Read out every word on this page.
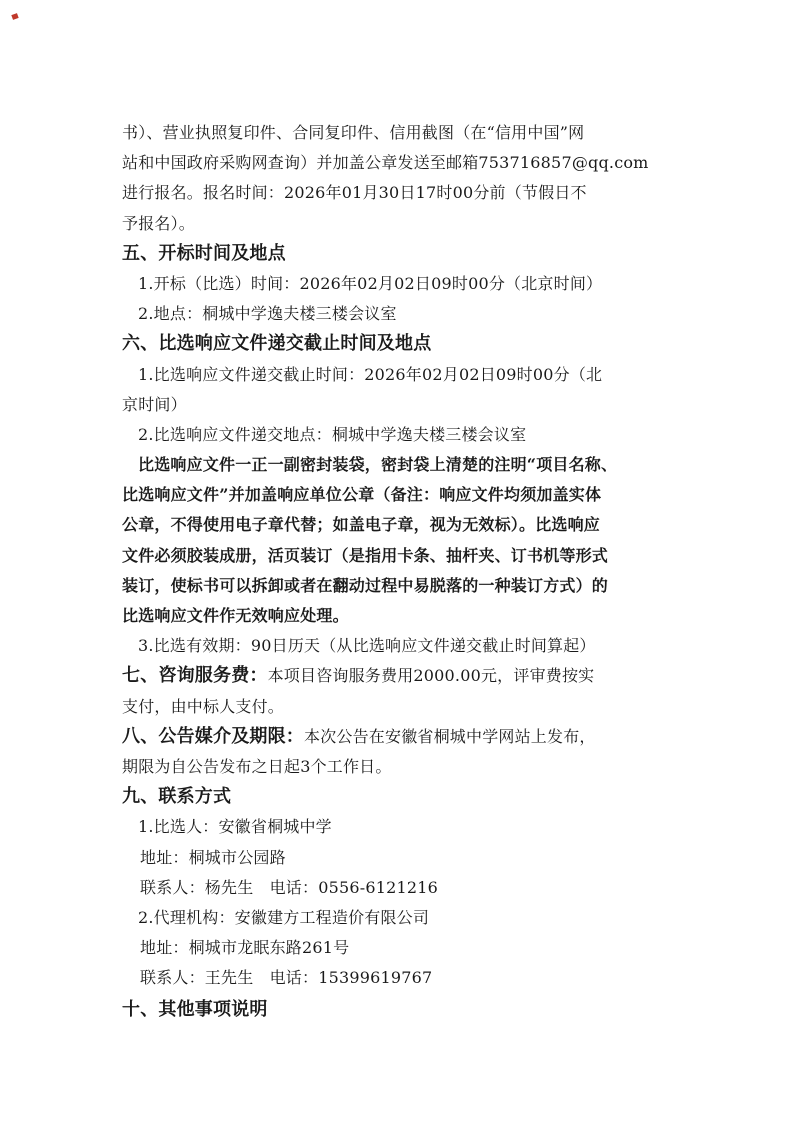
书）、营业执照复印件、合同复印件、信用截图（在“信用中国”网
站和中国政府采购网查询）并加盖公章发送至邮箱753716857@qq.com
进行报名。报名时间：2026年01月30日17时00分前（节假日不
予报名）。
五、开标时间及地点
1.开标（比选）时间：2026年02月02日09时00分（北京时间）
2.地点：桐城中学逸夫楼三楼会议室
六、比选响应文件递交截止时间及地点
1.比选响应文件递交截止时间：2026年02月02日09时00分（北
京时间）
2.比选响应文件递交地点：桐城中学逸夫楼三楼会议室
比选响应文件一正一副密封装袋，密封袋上清楚的注明“项目名称、
比选响应文件”并加盖响应单位公章（备注：响应文件均须加盖实体
公章，不得使用电子章代替；如盖电子章，视为无效标）。比选响应
文件必须胶装成册，活页装订（是指用卡条、抽杆夹、订书机等形式
装订，使标书可以拆卸或者在翻动过程中易脱落的一种装订方式）的
比选响应文件作无效响应处理。
3.比选有效期：90日历天（从比选响应文件递交截止时间算起）
七、咨询服务费：本项目咨询服务费用2000.00元，评审费按实
支付，由中标人支付。
八、公告媒介及期限：本次公告在安徽省桐城中学网站上发布，
期限为自公告发布之日起3个工作日。
九、联系方式
1.比选人：安徽省桐城中学
地址：桐城市公园路
联系人：杨先生　电话：0556-6121216
2.代理机构：安徽建方工程造价有限公司
地址：桐城市龙眠东路261号
联系人：王先生　电话：15399619767
十、其他事项说明
